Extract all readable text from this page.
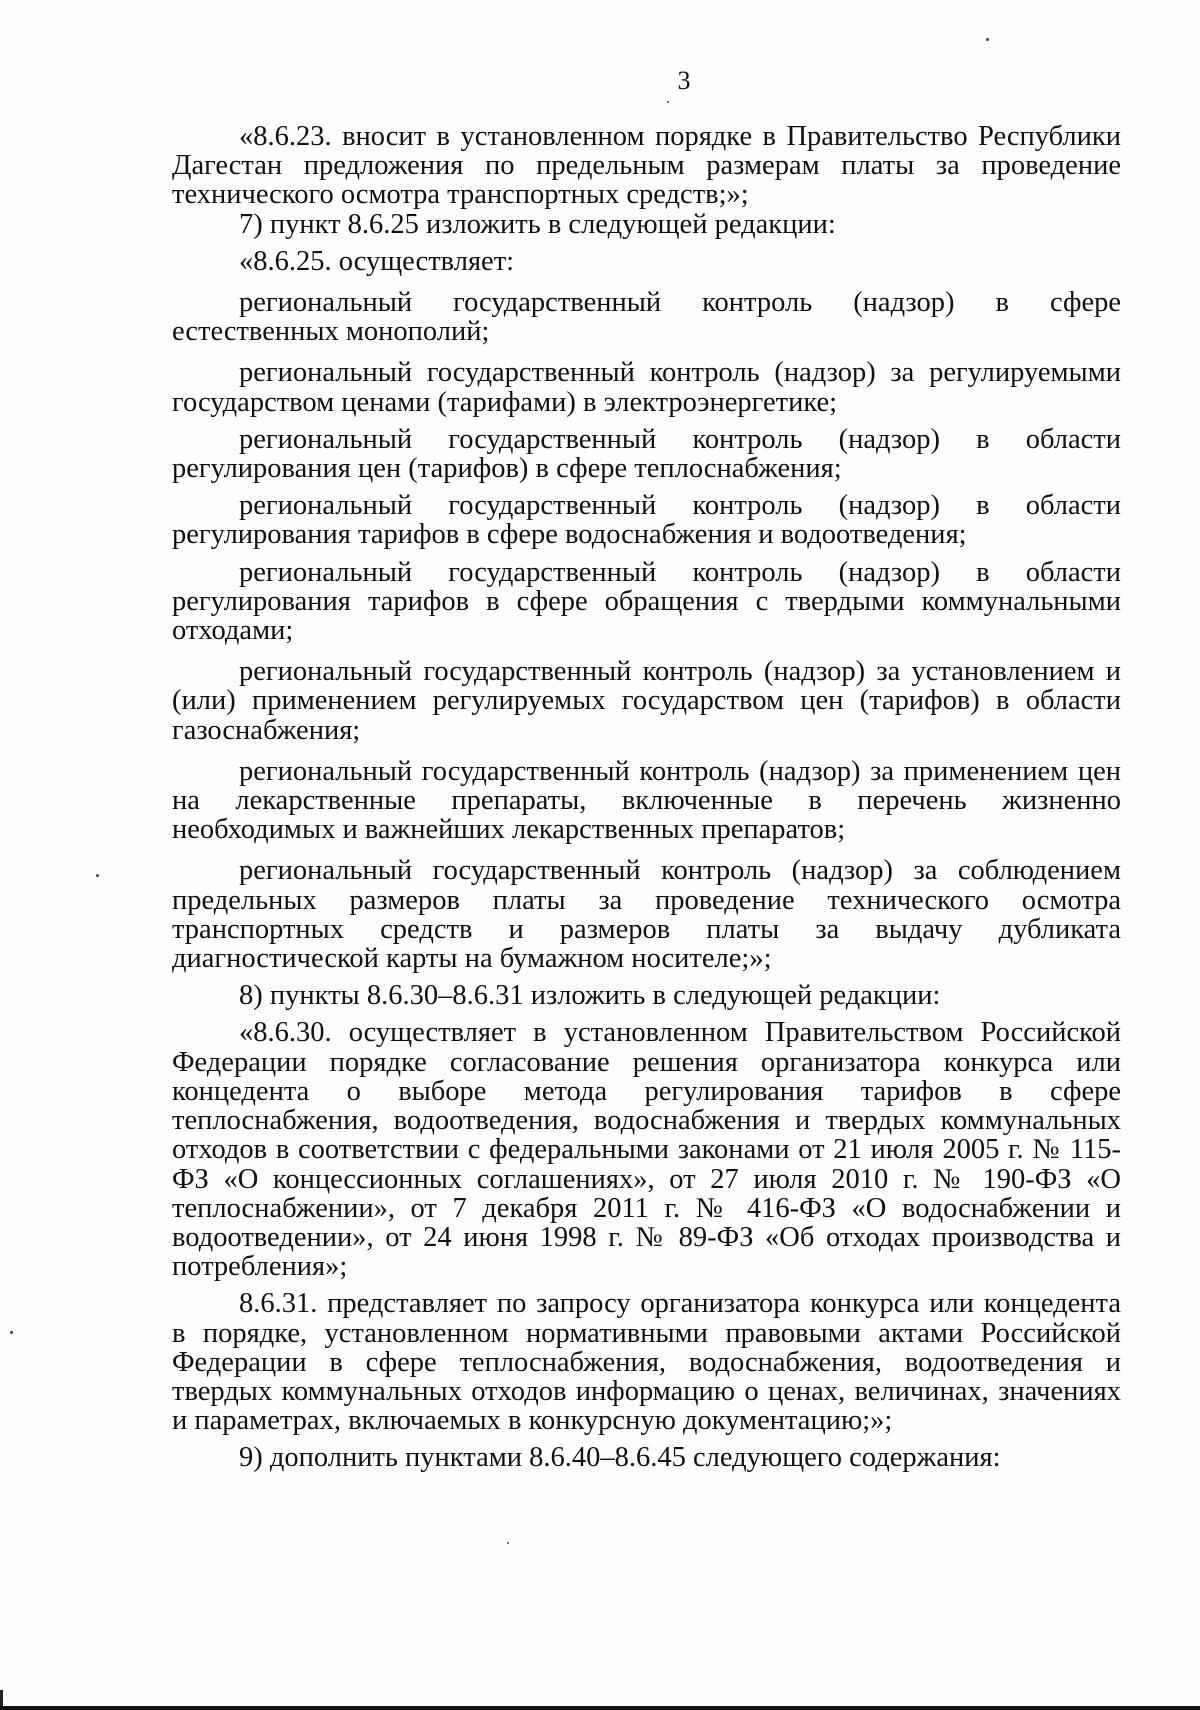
3

«8.6.23. вносит в установленном порядке в Правительство Республики Дагестан предложения по предельным размерам платы за проведение технического осмотра транспортных средств;»;

7) пункт 8.6.25 изложить в следующей редакции:

«8.6.25. осуществляет:

региональный государственный контроль (надзор) в сфере естественных монополий;

региональный государственный контроль (надзор) за регулируемыми государством ценами (тарифами) в электроэнергетике;

региональный государственный контроль (надзор) в области регулирования цен (тарифов) в сфере теплоснабжения;

региональный государственный контроль (надзор) в области регулирования тарифов в сфере водоснабжения и водоотведения;

региональный государственный контроль (надзор) в области регулирования тарифов в сфере обращения с твердыми коммунальными отходами;

региональный государственный контроль (надзор) за установлением и (или) применением регулируемых государством цен (тарифов) в области газоснабжения;

региональный государственный контроль (надзор) за применением цен на лекарственные препараты, включенные в перечень жизненно необходимых и важнейших лекарственных препаратов;

региональный государственный контроль (надзор) за соблюдением предельных размеров платы за проведение технического осмотра транспортных средств и размеров платы за выдачу дубликата диагностической карты на бумажном носителе;»;

8) пункты 8.6.30–8.6.31 изложить в следующей редакции:

«8.6.30. осуществляет в установленном Правительством Российской Федерации порядке согласование решения организатора конкурса или концедента о выборе метода регулирования тарифов в сфере теплоснабжения, водоотведения, водоснабжения и твердых коммунальных отходов в соответствии с федеральными законами от 21 июля 2005 г. № 115-ФЗ «О концессионных соглашениях», от 27 июля 2010 г. № 190-ФЗ «О теплоснабжении», от 7 декабря 2011 г. № 416-ФЗ «О водоснабжении и водоотведении», от 24 июня 1998 г. № 89-ФЗ «Об отходах производства и потребления»;

8.6.31. представляет по запросу организатора конкурса или концедента в порядке, установленном нормативными правовыми актами Российской Федерации в сфере теплоснабжения, водоснабжения, водоотведения и твердых коммунальных отходов информацию о ценах, величинах, значениях и параметрах, включаемых в конкурсную документацию;»;

9) дополнить пунктами 8.6.40–8.6.45 следующего содержания:
